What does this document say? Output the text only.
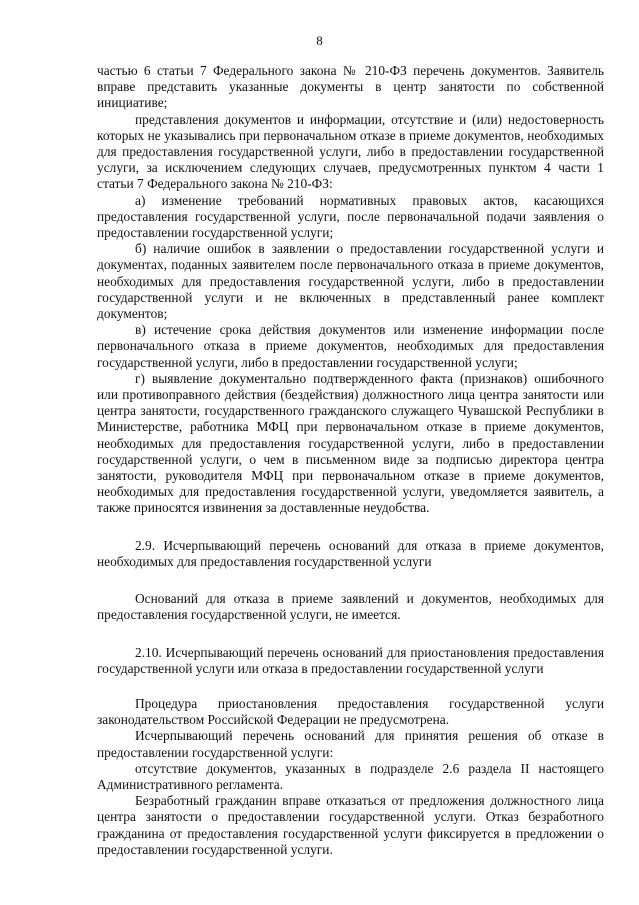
8

частью 6 статьи 7 Федерального закона № 210-ФЗ перечень документов. Заявитель вправе представить указанные документы в центр занятости по собственной инициативе;

представления документов и информации, отсутствие и (или) недостоверность которых не указывались при первоначальном отказе в приеме документов, необходимых для предоставления государственной услуги, либо в предоставлении государственной услуги, за исключением следующих случаев, предусмотренных пунктом 4 части 1 статьи 7 Федерального закона № 210-ФЗ:

а) изменение требований нормативных правовых актов, касающихся предоставления государственной услуги, после первоначальной подачи заявления о предоставлении государственной услуги;

б) наличие ошибок в заявлении о предоставлении государственной услуги и документах, поданных заявителем после первоначального отказа в приеме документов, необходимых для предоставления государственной услуги, либо в предоставлении государственной услуги и не включенных в представленный ранее комплект документов;

в) истечение срока действия документов или изменение информации после первоначального отказа в приеме документов, необходимых для предоставления государственной услуги, либо в предоставлении государственной услуги;

г) выявление документально подтвержденного факта (признаков) ошибочного или противоправного действия (бездействия) должностного лица центра занятости или центра занятости, государственного гражданского служащего Чувашской Республики в Министерстве, работника МФЦ при первоначальном отказе в приеме документов, необходимых для предоставления государственной услуги, либо в предоставлении государственной услуги, о чем в письменном виде за подписью директора центра занятости, руководителя МФЦ при первоначальном отказе в приеме документов, необходимых для предоставления государственной услуги, уведомляется заявитель, а также приносятся извинения за доставленные неудобства.

2.9. Исчерпывающий перечень оснований для отказа в приеме документов, необходимых для предоставления государственной услуги

Оснований для отказа в приеме заявлений и документов, необходимых для предоставления государственной услуги, не имеется.

2.10. Исчерпывающий перечень оснований для приостановления предоставления государственной услуги или отказа в предоставлении государственной услуги

Процедура приостановления предоставления государственной услуги законодательством Российской Федерации не предусмотрена.

Исчерпывающий перечень оснований для принятия решения об отказе в предоставлении государственной услуги:

отсутствие документов, указанных в подразделе 2.6 раздела II настоящего Административного регламента.

Безработный гражданин вправе отказаться от предложения должностного лица центра занятости о предоставлении государственной услуги. Отказ безработного гражданина от предоставления государственной услуги фиксируется в предложении о предоставлении государственной услуги.
